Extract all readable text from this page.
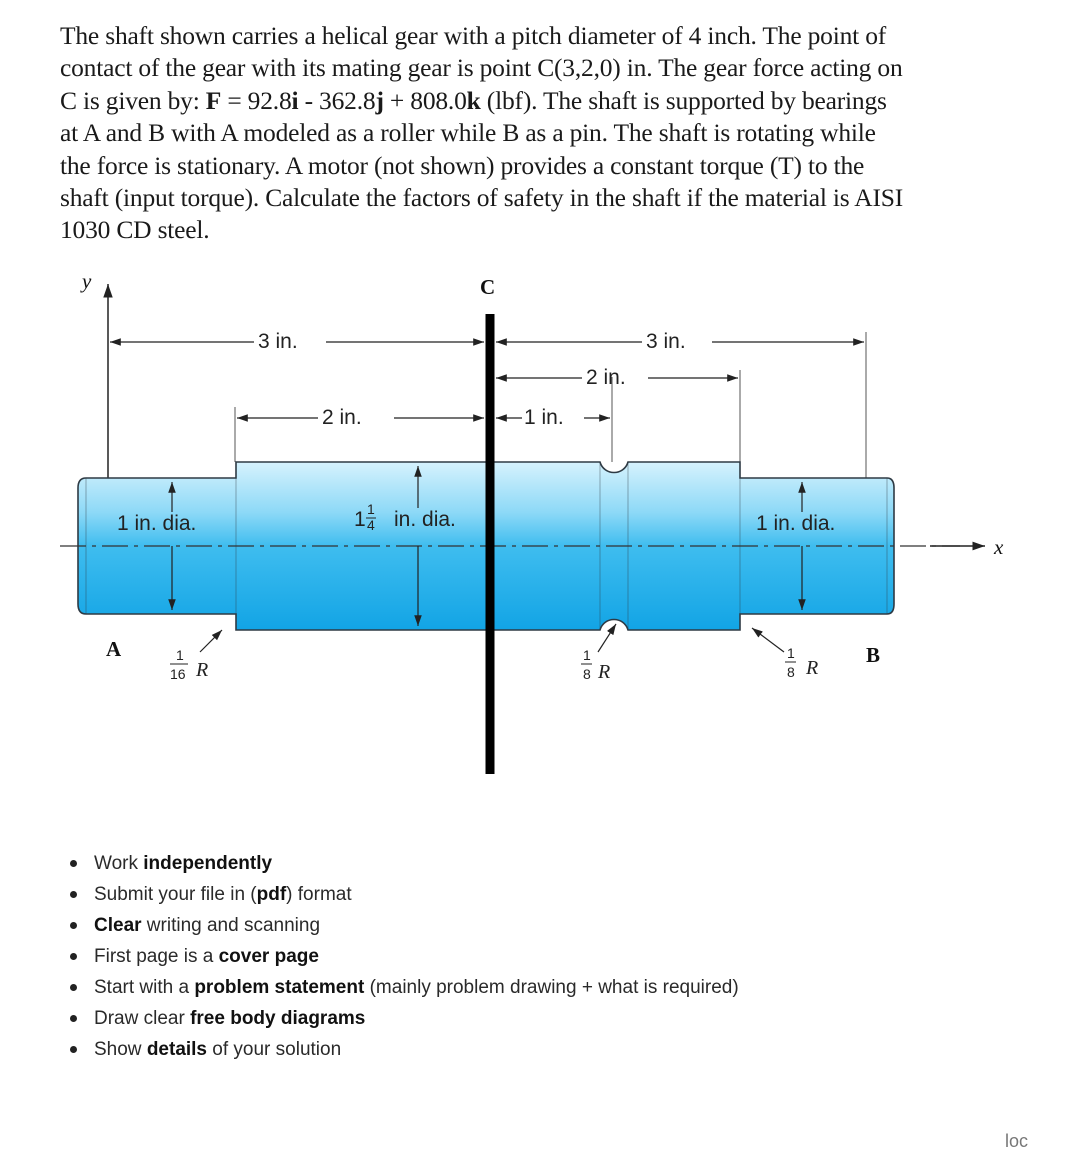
The shaft shown carries a helical gear with a pitch diameter of 4 inch. The point of
contact of the gear with its mating gear is point C(3,2,0) in. The gear force acting on
C is given by: F = 92.8i - 362.8j + 808.0k (lbf). The shaft is supported by bearings
at A and B with A modeled as a roller while B as a pin. The shaft is rotating while
the force is stationary. A motor (not shown) provides a constant torque (T) to the
shaft (input torque). Calculate the factors of safety in the shaft if the material is AISI
1030 CD steel.
y
x
C
3 in.	3 in.
2 in.
2 in.	1 in.
1 in. dia.	1 1
4 in. dia.	1 in. dia.
A	B
1
16 R
1
8 R
1
8 R
Work independently
Submit your file in (pdf) format
Clear writing and scanning
First page is a cover page
Start with a problem statement (mainly problem drawing + what is required)
Draw clear free body diagrams
Show details of your solution
loc
